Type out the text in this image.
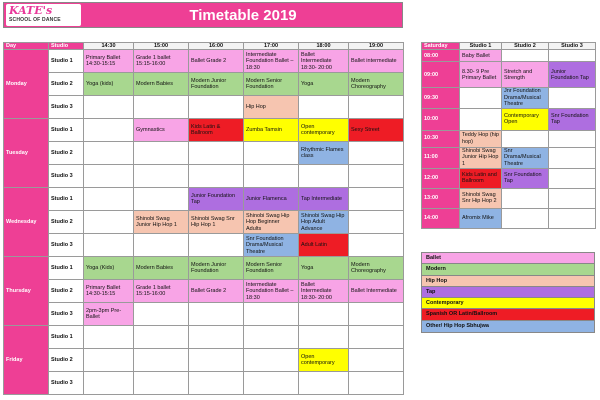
KATE's
SCHOOL OF DANCE	Timetable 2019
Day	Studio	14:30	15:00	16:00	17:00	18:00	19:00
Monday	Studio 1	Primary Ballet 14:30-15:15	Grade 1 ballet 15:15-16:00	Ballet Grade 2	Intermediate Foundation Ballet – 18:30	Ballet Intermediate 18:30- 20:00	Ballet intermediate
	Studio 2	Yoga (kids)	Modern Babies	Modern Junior Foundation	Modern Senior Foundation	Yoga	Modern Choreography
	Studio 3				Hip Hop		
Tuesday	Studio 1		Gymnastics	Kids Latin & Ballroom	Zumba Tamsin	Open contemporary	Sexy Street
	Studio 2					Rhythmic Flames class	
	Studio 3						
Wednesday	Studio 1			Junior Foundation Tap	Junior Flamenca	Tap Intermediate	
	Studio 2		Shinobi Swag Junior Hip Hop 1	Shinobi Swag Snr Hip Hop 1	Shinobi Swag Hip Hop Beginner Adults	Shinobi Swag Hip Hop Adult Advance	
	Studio 3				Snr Foundation Drama/Musical Theatre	Adult Latin	
Thursday	Studio 1	Yoga (Kids)	Modern Babies	Modern Junior Foundation	Modern Senior Foundation	Yoga	Modern Choreography
	Studio 2	Primary Ballet 14:30-15:15	Grade 1 ballet 15:15-16:00	Ballet Grade 2	Intermediate Foundation Ballet – 18:30	Ballet Intermediate 18:30- 20:00	Ballet Intermediate
	Studio 3	2pm-3pm Pre-Ballet					
Friday	Studio 1						
	Studio 2					Open contemporary	
	Studio 3						
Saturday	Studio 1	Studio 2	Studio 3
08:00	Baby Ballet		
09:00	8.30- 9 Pre Primary Ballet	Stretch and Strength	Junior Foundation Tap
09:30		Jnr Foundation Drama/Musical Theatre	
10:00		Contemporary Open	Snr Foundation Tap
10:30	Teddy Hop (hip hop)		
11:00	Shinobi Swag Junior Hip Hop 1	Snr Drama/Musical Theatre	
12:00	Kids Latin and Ballroom	Snr Foundation Tap	
13:00	Shinobi Swag Snr Hip Hop 2		
14:00	Afromix Mike		
Ballet
Modern
Hip Hop
Tap
Contemporary
Spanish OR Latin/Ballroom
Other/ Hip Hop Sbhujwa
